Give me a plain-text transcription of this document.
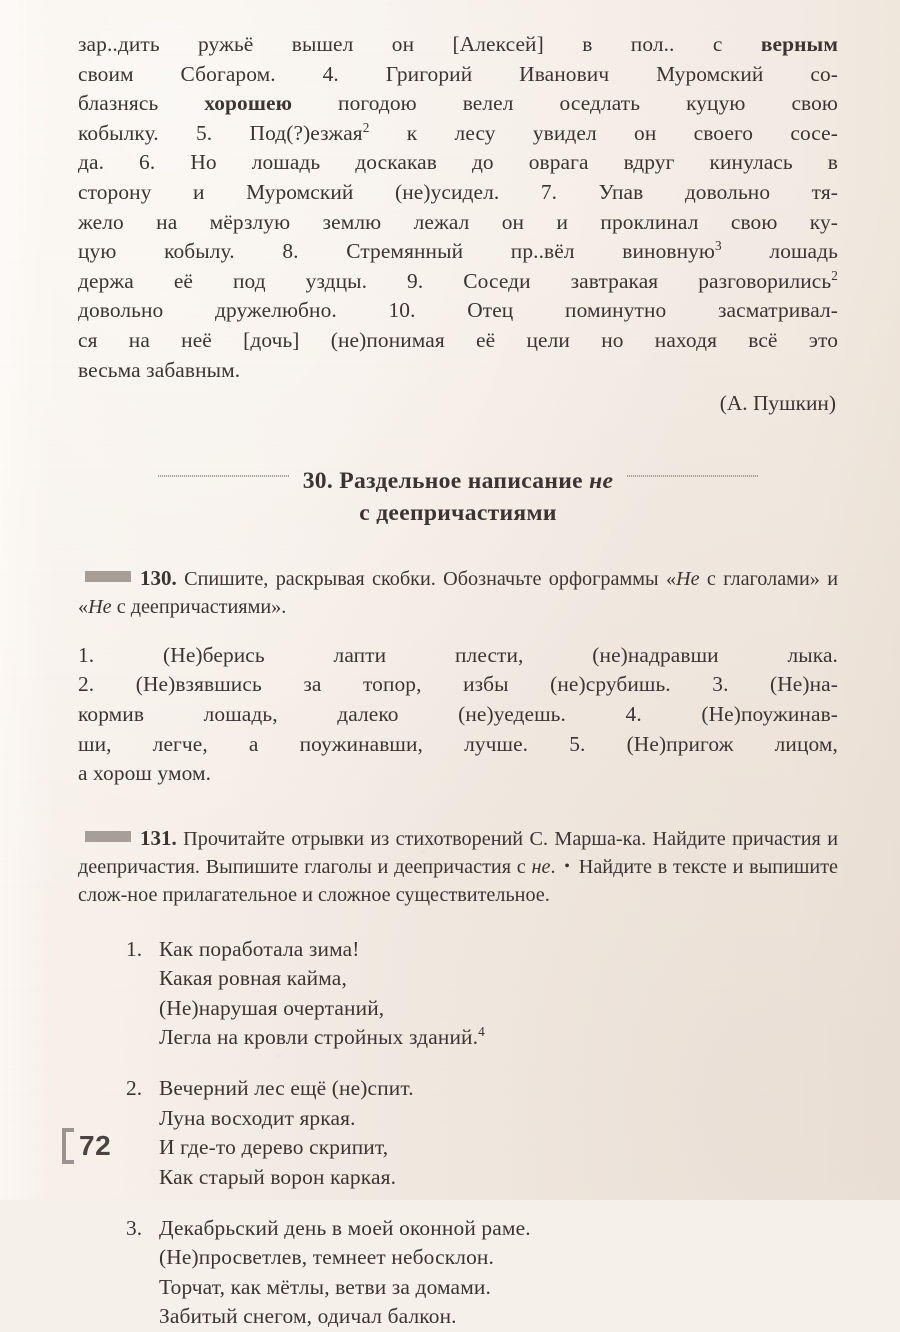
зар..дить ружьё вышел он [Алексей] в пол.. с верным
своим Сбогаром. 4. Григорий Иванович Муромский со-
блазнясь хорошею погодою велел оседлать куцую свою
кобылку. 5. Под(?)езжая$^2$ к лесу увидел он своего сосе-
да. 6. Но лошадь доскакав до оврага вдруг кинулась в
сторону и Муромский (не)усидел. 7. Упав довольно тя-
жело на мёрзлую землю лежал он и проклинал свою ку-
цую кобылу. 8. Стремянный пр..вёл виновную$^3$ лошадь
держа её под уздцы. 9. Соседи завтракая разговорились$^2$
довольно дружелюбно. 10. Отец поминутно засматривал-
ся на неё [дочь] (не)понимая её цели но находя всё это
весьма забавным.
(А. Пушкин)
30. Раздельное написание не
с деепричастиями

130. Спишите, раскрывая скобки. Обозначьте орфограммы «Не с глаголами» и «Не с деепричастиями».

1. (Не)берись лапти плести, (не)надравши лыка.
2. (Не)взявшись за топор, избы (не)срубишь. 3. (Не)на-
кормив лошадь, далеко (не)уедешь. 4. (Не)поужинав-
ши, легче, а поужинавши, лучше. 5. (Не)пригож лицом,
а хорош умом.

131. Прочитайте отрывки из стихотворений С. Марша-ка. Найдите причастия и деепричастия. Выпишите глаголы и деепричастия с не. • Найдите в тексте и выпишите слож-ное прилагательное и сложное существительное.

1. Как поработала зима!
Какая ровная кайма,
(Не)нарушая очертаний,
Легла на кровли стройных зданий.$^4$
2. Вечерний лес ещё (не)спит.
Луна восходит яркая.
И где-то дерево скрипит,
Как старый ворон каркая.
3. Декабрьский день в моей оконной раме.
(Не)просветлев, темнеет небосклон.
Торчат, как мётлы, ветви за домами.
Забитый снегом, одичал балкон.
72
